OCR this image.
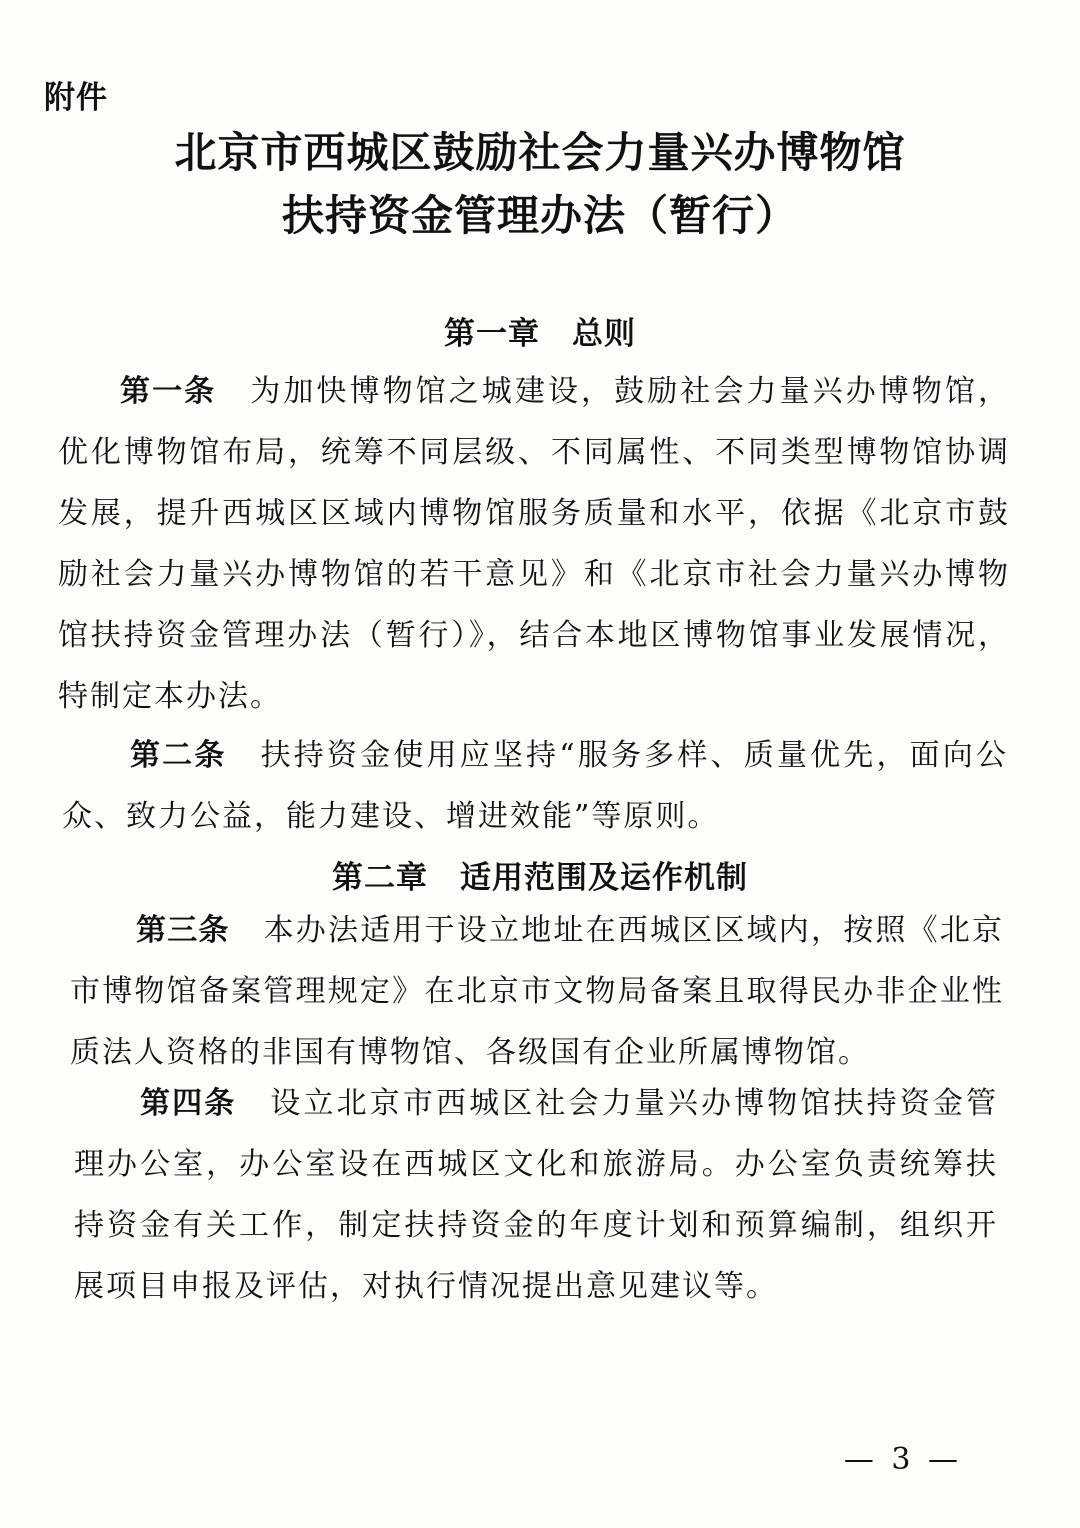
附件
北京市西城区鼓励社会力量兴办博物馆
扶持资金管理办法（暂行）
第一章　总则
第一条 为加快博物馆之城建设，鼓励社会力量兴办博物馆，优化博物馆布局，统筹不同层级、不同属性、不同类型博物馆协调发展，提升西城区区域内博物馆服务质量和水平，依据《北京市鼓励社会力量兴办博物馆的若干意见》和《北京市社会力量兴办博物馆扶持资金管理办法（暂行）》，结合本地区博物馆事业发展情况，特制定本办法。
第二条 扶持资金使用应坚持“服务多样、质量优先，面向公众、致力公益，能力建设、增进效能”等原则。
第二章　适用范围及运作机制
第三条 本办法适用于设立地址在西城区区域内，按照《北京市博物馆备案管理规定》在北京市文物局备案且取得民办非企业性质法人资格的非国有博物馆、各级国有企业所属博物馆。
第四条 设立北京市西城区社会力量兴办博物馆扶持资金管理办公室，办公室设在西城区文化和旅游局。办公室负责统筹扶持资金有关工作，制定扶持资金的年度计划和预算编制，组织开展项目申报及评估，对执行情况提出意见建议等。
— 3 —
